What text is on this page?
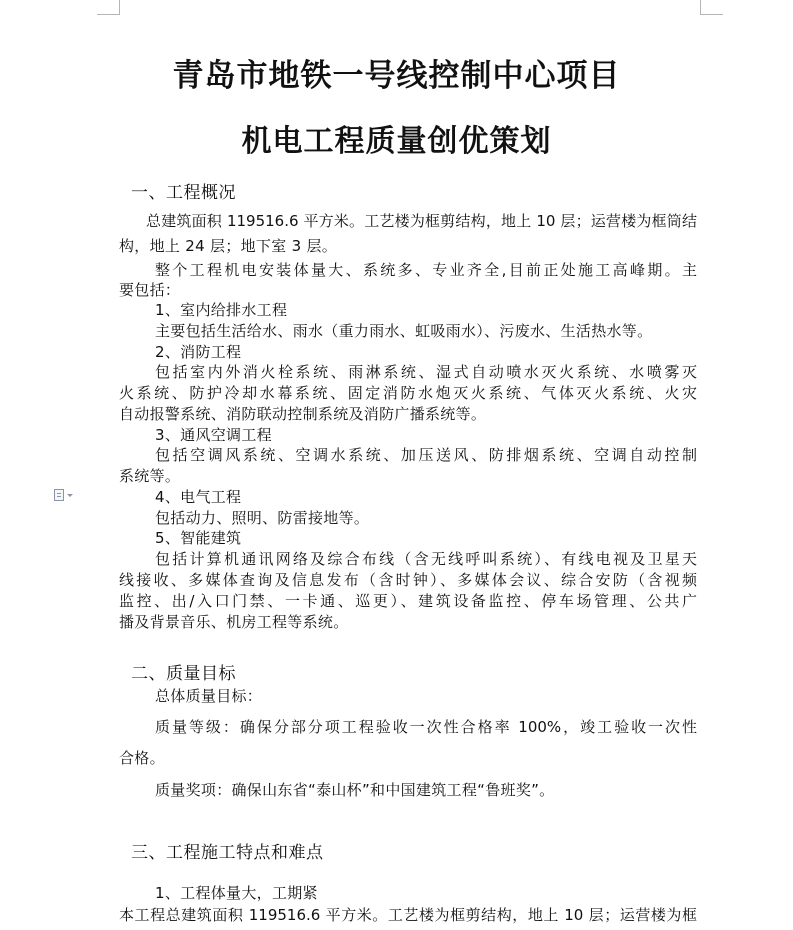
青岛市地铁一号线控制中心项目
机电工程质量创优策划
一、工程概况
总建筑面积 119516.6 平方米。工艺楼为框剪结构，地上 10 层；运营楼为框筒结
构，地上 24 层；地下室 3 层。
整个工程机电安装体量大、系统多、专业齐全,目前正处施工高峰期。主
要包括：
1、室内给排水工程
主要包括生活给水、雨水（重力雨水、虹吸雨水）、污废水、生活热水等。
2、消防工程
包括室内外消火栓系统、雨淋系统、湿式自动喷水灭火系统、水喷雾灭
火系统、防护冷却水幕系统、固定消防水炮灭火系统、气体灭火系统、火灾
自动报警系统、消防联动控制系统及消防广播系统等。
3、通风空调工程
包括空调风系统、空调水系统、加压送风、防排烟系统、空调自动控制
系统等。
4、电气工程
包括动力、照明、防雷接地等。
5、智能建筑
包括计算机通讯网络及综合布线（含无线呼叫系统）、有线电视及卫星天
线接收、多媒体查询及信息发布（含时钟）、多媒体会议、综合安防（含视频
监控、出/入口门禁、一卡通、巡更）、建筑设备监控、停车场管理、公共广
播及背景音乐、机房工程等系统。
二、质量目标
总体质量目标：
质量等级：确保分部分项工程验收一次性合格率 100%，竣工验收一次性
合格。
质量奖项：确保山东省“泰山杯”和中国建筑工程“鲁班奖”。
三、工程施工特点和难点
1、工程体量大，工期紧
本工程总建筑面积 119516.6 平方米。工艺楼为框剪结构，地上 10 层；运营楼为框
